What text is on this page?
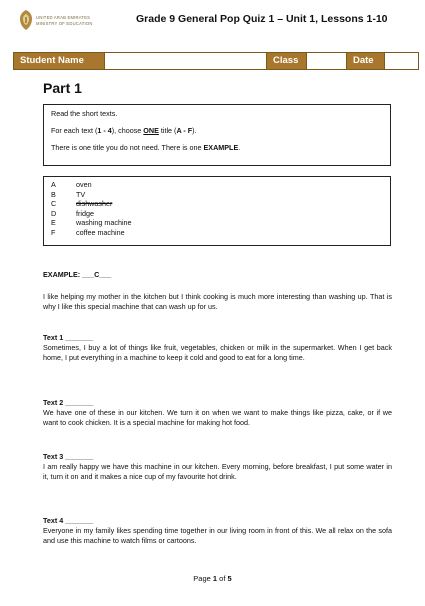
UNITED ARAB EMIRATES
MINISTRY OF EDUCATION	Grade 9 General Pop Quiz 1 – Unit 1, Lessons 1-10
Student Name	Class	Date
Part 1

Read the short texts.

For each text (1 - 4), choose ONE title (A - F).

There is one title you do not need. There is one EXAMPLE.

A	oven
B	TV
C	dishwasher
D	fridge
E	washing machine
F	coffee machine
EXAMPLE: ___C___
I like helping my mother in the kitchen but I think cooking is much more interesting than washing up. That is why I like this special machine that can wash up for us.
Text 1 _______
Sometimes, I buy a lot of things like fruit, vegetables, chicken or milk in the supermarket. When I get back home, I put everything in a machine to keep it cold and good to eat for a long time.
Text 2 _______
We have one of these in our kitchen. We turn it on when we want to make things like pizza, cake, or if we want to cook chicken. It is a special machine for making hot food.
Text 3 _______
I am really happy we have this machine in our kitchen. Every morning, before breakfast, I put some water in it, turn it on and it makes a nice cup of my favourite hot drink.
Text 4 _______
Everyone in my family likes spending time together in our living room in front of this. We all relax on the sofa and use this machine to watch films or cartoons.
Page 1 of 5
